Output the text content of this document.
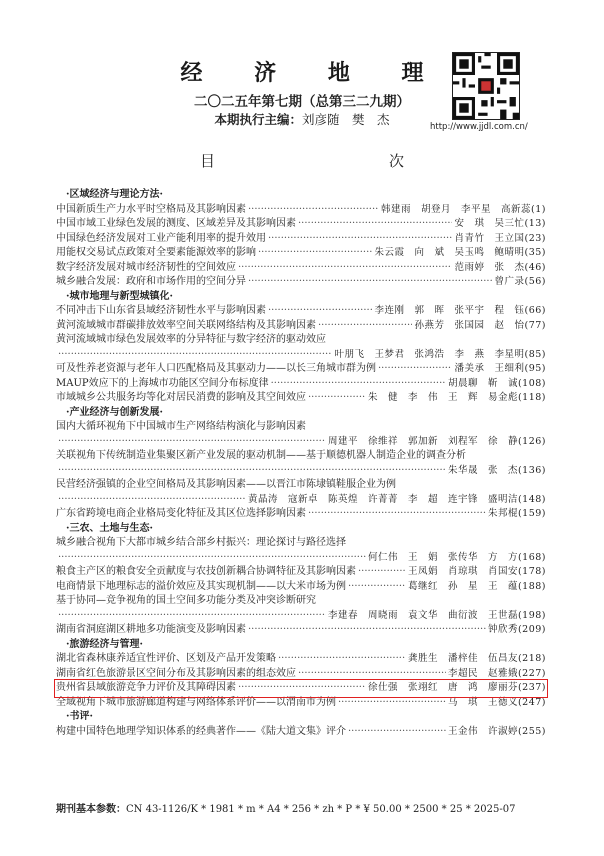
经 济 地 理
二〇二五年第七期（总第三二九期）
本期执行主编：刘彦随　樊　杰	http://www.jjdl.com.cn/
目　　次
·区域经济与理论方法·
中国新质生产力水平时空格局及其影响因素 ·····	韩建雨　胡登月　李平星　高新蕊(1)
中国市域工业绿色发展的测度、区域差异及其影响因素 ·····	安　琪　吴三忙(13)
中国绿色经济发展对工业产能利用率的提升效用 ·····	肖青竹　王立国(23)
用能权交易试点政策对全要素能源效率的影响 ·····	朱云霞　向　斌　吴玉鸣　鲍晴明(35)
数字经济发展对城市经济韧性的空间效应 ·····	范雨婷　张　杰(46)
城乡融合发展：政府和市场作用的空间分异 ·····	曾广录(56)
·城市地理与新型城镇化·
不同冲击下山东省县域经济韧性水平与影响因素 ·····	李连刚　郭　晖　张平宇　程　钰(66)
黄河流域城市群碳排放效率空间关联网络结构及其影响因素 ·····	孙燕芳　张国园　赵　怡(77)
黄河流域城市绿色发展效率的分异特征与数字经济的驱动效应
·····
叶朋飞　王梦君　张鸿浩　李　燕　李星明(85)
可及性养老资源与老年人口匹配格局及其驱动力——以长三角城市群为例 ·····	潘美承　王细利(95)
MAUP效应下的上海城市功能区空间分布标度律 ·····	胡晨聊　靳　诚(108)
市域城乡公共服务均等化对居民消费的影响及其空间效应 ·····	朱　健　李　伟　王　辉　易金彪(118)
·产业经济与创新发展·
国内大循环视角下中国城市生产网络结构演化与影响因素
·····
周建平　徐维祥　郭加新　刘程军　徐　静(126)
关联视角下传统制造业集聚区新产业发展的驱动机制——基于顺德机器人制造企业的调查分析
·····
朱华晟　张　杰(136)
民营经济强镇的企业空间格局及其影响因素——以晋江市陈埭镇鞋服企业为例
·····
黄晶涛　寇新卓　陈英煌　许菁菁　李　超　连宇锋　盛明洁(148)
广东省跨境电商企业格局变化特征及其区位选择影响因素 ·····	朱邦棍(159)
·三农、土地与生态·
城乡融合视角下大都市城乡结合部乡村振兴：理论探讨与路径选择
·····
何仁伟　王　娟　张传华　方　方(168)
粮食主产区的粮食安全贡献度与农技创新耦合协调特征及其影响因素 ·····	王凤娟　肖琼琪　肖国安(178)
电商情景下地理标志的溢价效应及其实现机制——以大米市场为例 ·····	葛继红　孙　星　王　蕴(188)
基于协同—竞争视角的国土空间多功能分类及冲突诊断研究
·····
李建春　周晓雨　袁文华　曲衍波　王世磊(198)
湖南省洞庭湖区耕地多功能演变及影响因素 ·····	钟欣秀(209)
·旅游经济与管理·
湖北省森林康养适宜性评价、区划及产品开发策略 ·····	龚胜生　潘梓佳　伍昌友(218)
湖南省红色旅游景区空间分布及其影响因素的组态效应 ·····	李超民　赵雅娥(227)
贵州省县域旅游竞争力评价及其障碍因素 ·····	徐仕强　张翊红　唐　鸿　廖丽芬(237)
全域视角下城市旅游廊道构建与网络体系评价——以渭南市为例 ·····	马　琪　王德义(247)
·书评·
构建中国特色地理学知识体系的经典著作——《陆大道文集》评介 ·····	王金伟　许淑婷(255)
期刊基本参数：CN 43-1126/K * 1981 * m * A4 * 256 * zh * P * ¥ 50.00 * 2500 * 25 * 2025-07
